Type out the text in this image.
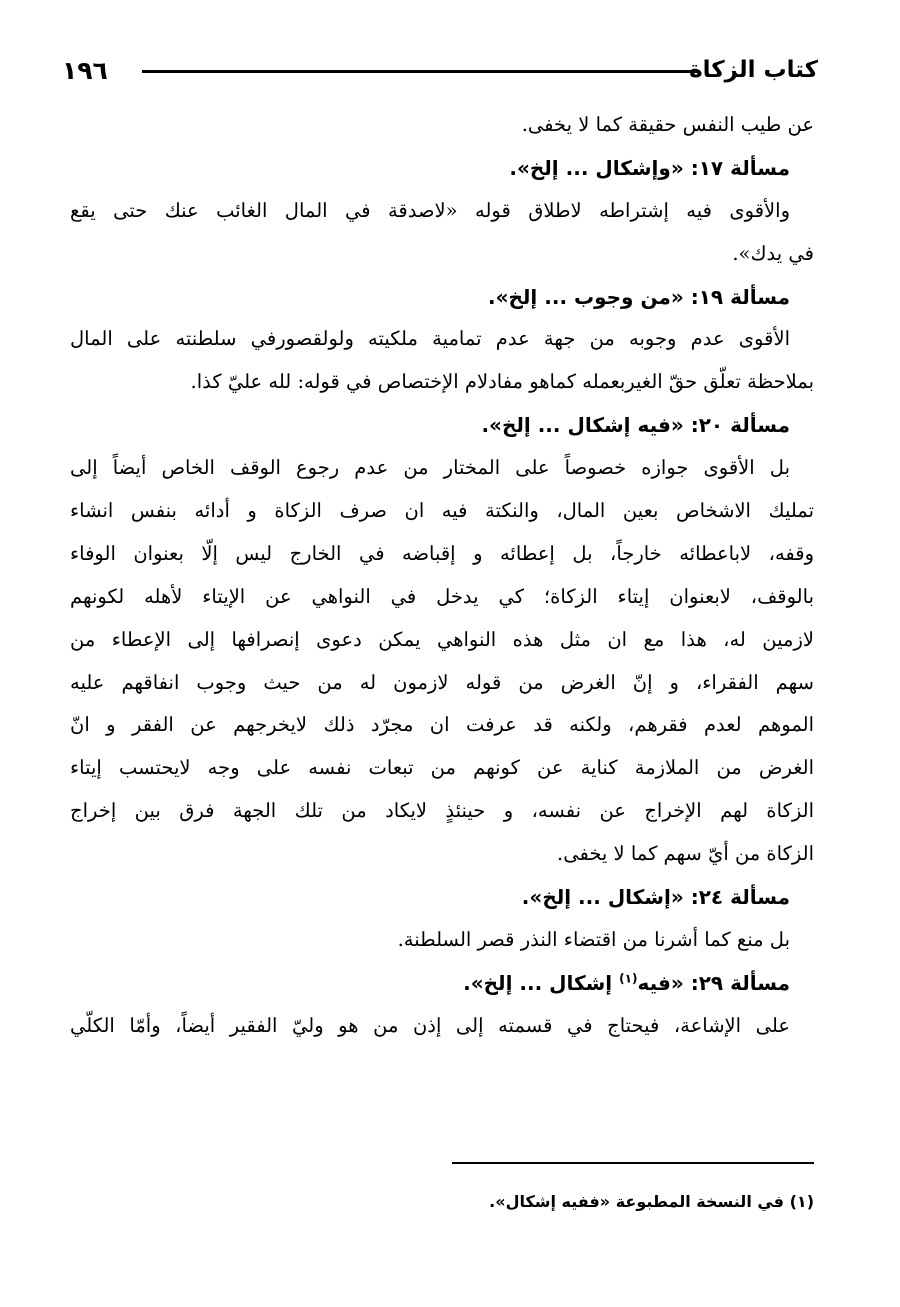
١٩٦	كتاب الزكاة
عن طيب النفس حقيقة كما لا يخفى.
مسألة ١٧: «وإشكال ... إلخ».
والأقوى فيه إشتراطه لاطلاق قوله «لاصدقة في المال الغائب عنك حتى يقع
في يدك».
مسألة ١٩: «من وجوب ... إلخ».
الأقوى عدم وجوبه من جهة عدم تمامية ملكيته ولولقصورفي سلطنته على المال
بملاحظة تعلّق حقّ الغيربعمله كماهو مفادلام الإختصاص في قوله: لله عليّ كذا.
مسألة ٢٠: «فيه إشكال ... إلخ».
بل الأقوى جوازه خصوصاً على المختار من عدم رجوع الوقف الخاص أيضاً إلى
تمليك الاشخاص بعين المال، والنكتة فيه ان صرف الزكاة و أدائه بنفس انشاء
وقفه، لاباعطائه خارجاً، بل إعطائه و إقباضه في الخارج ليس إلّا بعنوان الوفاء
بالوقف، لابعنوان إيتاء الزكاة؛ كي يدخل في النواهي عن الإيتاء لأهله لكونهم
لازمين له، هذا مع ان مثل هذه النواهي يمكن دعوى إنصرافها إلى الإعطاء من
سهم الفقراء، و إنّ الغرض من قوله لازمون له من حيث وجوب انفاقهم عليه
الموهم لعدم فقرهم، ولكنه قد عرفت ان مجرّد ذلك لايخرجهم عن الفقر و انّ
الغرض من الملازمة كناية عن كونهم من تبعات نفسه على وجه لايحتسب إيتاء
الزكاة لهم الإخراج عن نفسه، و حينئذٍ لايكاد من تلك الجهة فرق بين إخراج
الزكاة من أيّ سهم كما لا يخفى.
مسألة ٢٤: «إشكال ... إلخ».
بل منع كما أشرنا من اقتضاء النذر قصر السلطنة.
مسألة ٢٩: «فيه$^{(١)}$ إشكال ... إلخ».
على الإشاعة، فيحتاج في قسمته إلى إذن من هو وليّ الفقير أيضاً، وأمّا الكلّي
(١) في النسخة المطبوعة «ففيه إشكال».
